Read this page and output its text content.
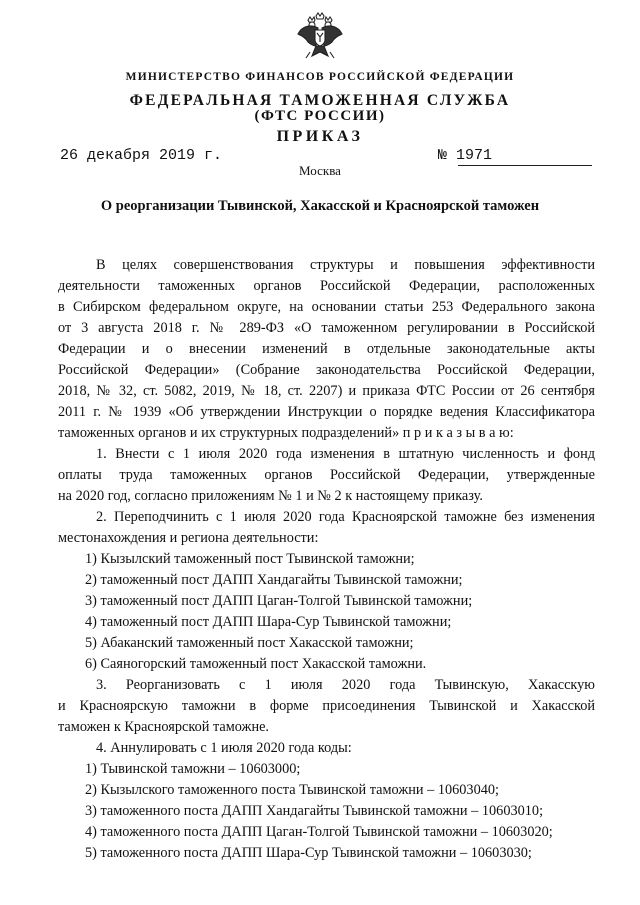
МИНИСТЕРСТВО ФИНАНСОВ РОССИЙСКОЙ ФЕДЕРАЦИИ
ФЕДЕРАЛЬНАЯ ТАМОЖЕННАЯ СЛУЖБА
(ФТС РОССИИ)
ПРИКАЗ
26 декабря 2019 г.	№ 1971
Москва
О реорганизации Тывинской, Хакасской и Красноярской таможен
В целях совершенствования структуры и повышения эффективности
деятельности таможенных органов Российской Федерации, расположенных
в Сибирском федеральном округе, на основании статьи 253 Федерального закона
от 3 августа 2018 г. № 289-ФЗ «О таможенном регулировании в Российской
Федерации и о внесении изменений в отдельные законодательные акты
Российской Федерации» (Собрание законодательства Российской Федерации,
2018, № 32, ст. 5082, 2019, № 18, ст. 2207) и приказа ФТС России от 26 сентября
2011 г. № 1939 «Об утверждении Инструкции о порядке ведения Классификатора
таможенных органов и их структурных подразделений» п р и к а з ы в а ю:
1. Внести с 1 июля 2020 года изменения в штатную численность и фонд
оплаты труда таможенных органов Российской Федерации, утвержденные
на 2020 год, согласно приложениям № 1 и № 2 к настоящему приказу.
2. Переподчинить с 1 июля 2020 года Красноярской таможне без изменения
местонахождения и региона деятельности:
1) Кызылский таможенный пост Тывинской таможни;
2) таможенный пост ДАПП Хандагайты Тывинской таможни;
3) таможенный пост ДАПП Цаган-Толгой Тывинской таможни;
4) таможенный пост ДАПП Шара-Сур Тывинской таможни;
5) Абаканский таможенный пост Хакасской таможни;
6) Саяногорский таможенный пост Хакасской таможни.
3. Реорганизовать с 1 июля 2020 года Тывинскую, Хакасскую
и Красноярскую таможни в форме присоединения Тывинской и Хакасской
таможен к Красноярской таможне.
4. Аннулировать с 1 июля 2020 года коды:
1) Тывинской таможни – 10603000;
2) Кызылского таможенного поста Тывинской таможни – 10603040;
3) таможенного поста ДАПП Хандагайты Тывинской таможни – 10603010;
4) таможенного поста ДАПП Цаган-Толгой Тывинской таможни – 10603020;
5) таможенного поста ДАПП Шара-Сур Тывинской таможни – 10603030;
